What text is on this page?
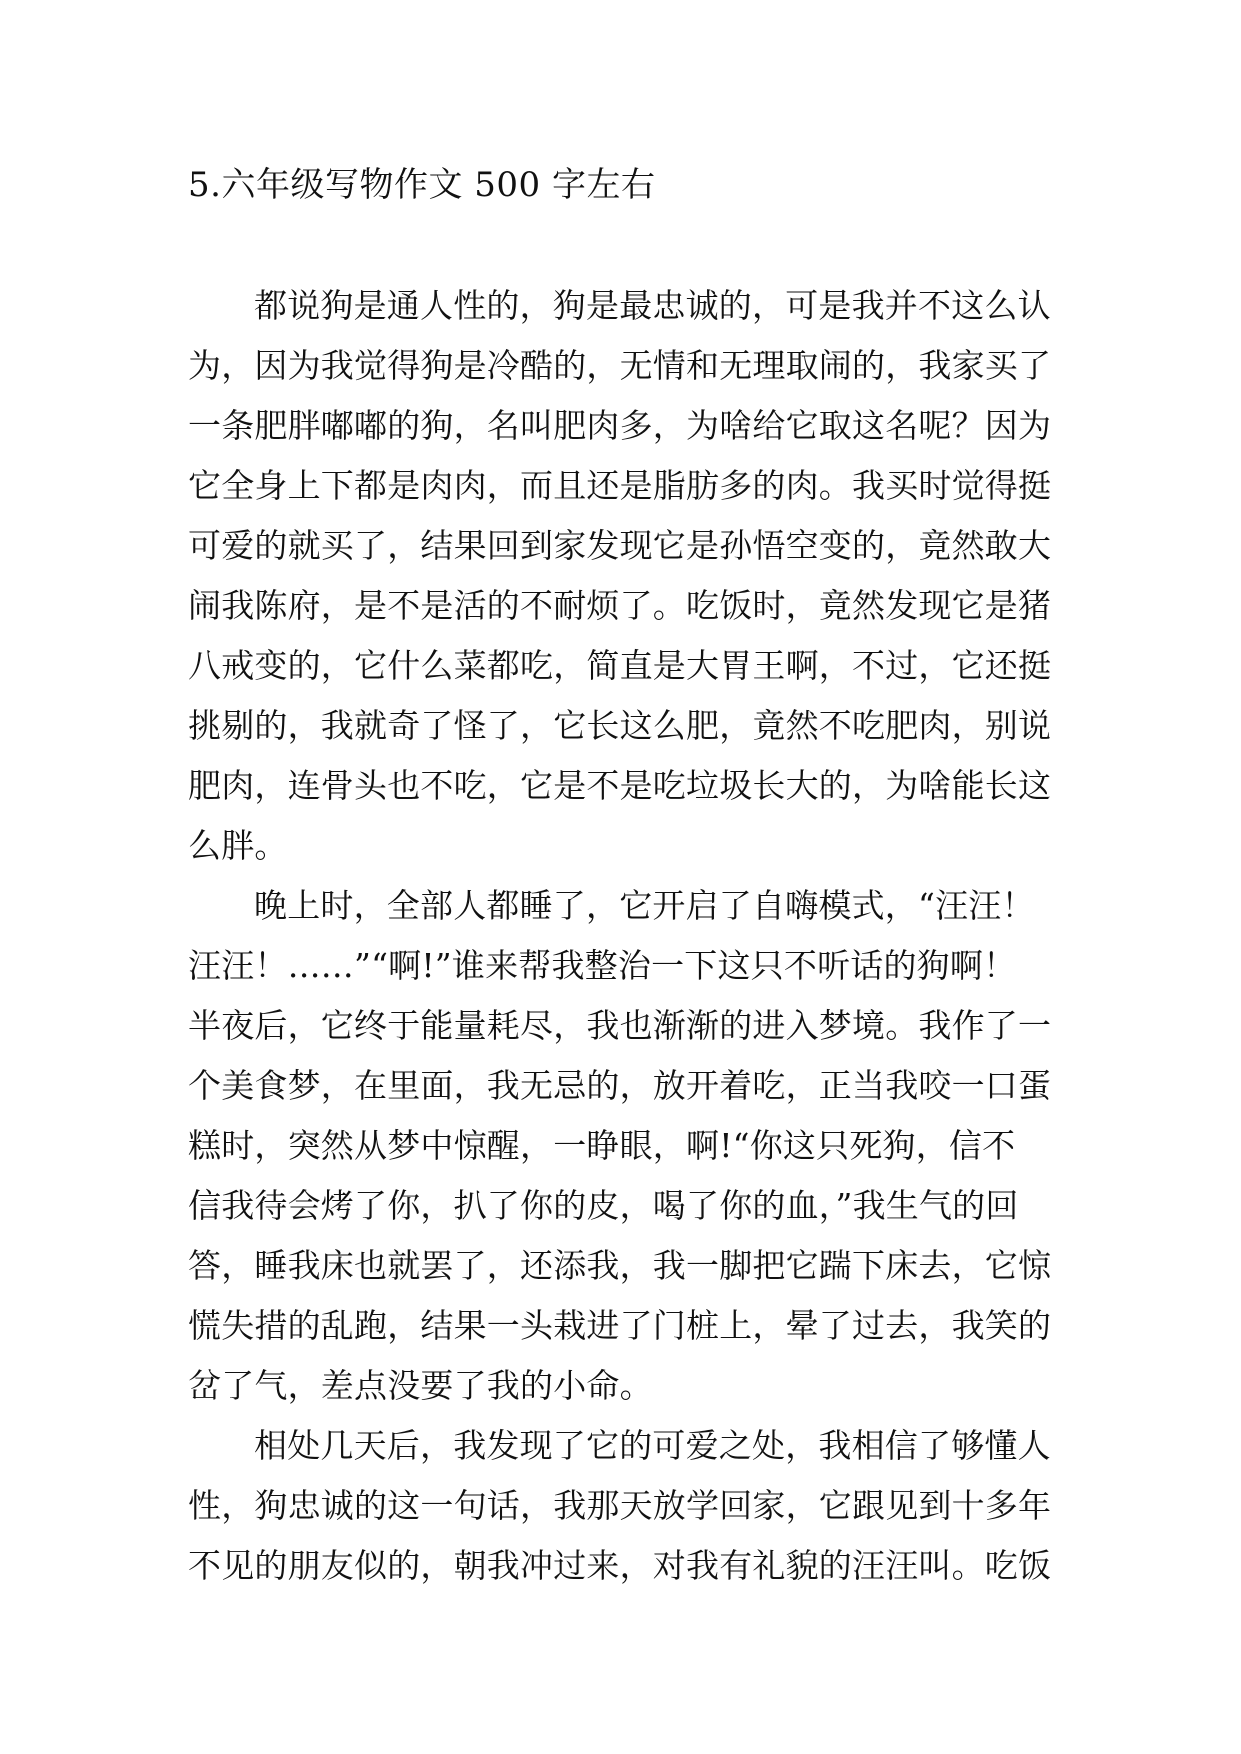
5.六年级写物作文 500 字左右
都说狗是通人性的，狗是最忠诚的，可是我并不这么认
为，因为我觉得狗是冷酷的，无情和无理取闹的，我家买了
一条肥胖嘟嘟的狗，名叫肥肉多，为啥给它取这名呢？因为
它全身上下都是肉肉，而且还是脂肪多的肉。我买时觉得挺
可爱的就买了，结果回到家发现它是孙悟空变的，竟然敢大
闹我陈府，是不是活的不耐烦了。吃饭时，竟然发现它是猪
八戒变的，它什么菜都吃，简直是大胃王啊，不过，它还挺
挑剔的，我就奇了怪了，它长这么肥，竟然不吃肥肉，别说
肥肉，连骨头也不吃，它是不是吃垃圾长大的，为啥能长这
么胖。
晚上时，全部人都睡了，它开启了自嗨模式，“汪汪！
汪汪！……”“啊!”谁来帮我整治一下这只不听话的狗啊！
半夜后，它终于能量耗尽，我也渐渐的进入梦境。我作了一
个美食梦，在里面，我无忌的，放开着吃，正当我咬一口蛋
糕时，突然从梦中惊醒，一睁眼，啊!“你这只死狗，信不
信我待会烤了你，扒了你的皮，喝了你的血，”我生气的回
答，睡我床也就罢了，还添我，我一脚把它踹下床去，它惊
慌失措的乱跑，结果一头栽进了门桩上，晕了过去，我笑的
岔了气，差点没要了我的小命。
相处几天后，我发现了它的可爱之处，我相信了够懂人
性，狗忠诚的这一句话，我那天放学回家，它跟见到十多年
不见的朋友似的，朝我冲过来，对我有礼貌的汪汪叫。吃饭
